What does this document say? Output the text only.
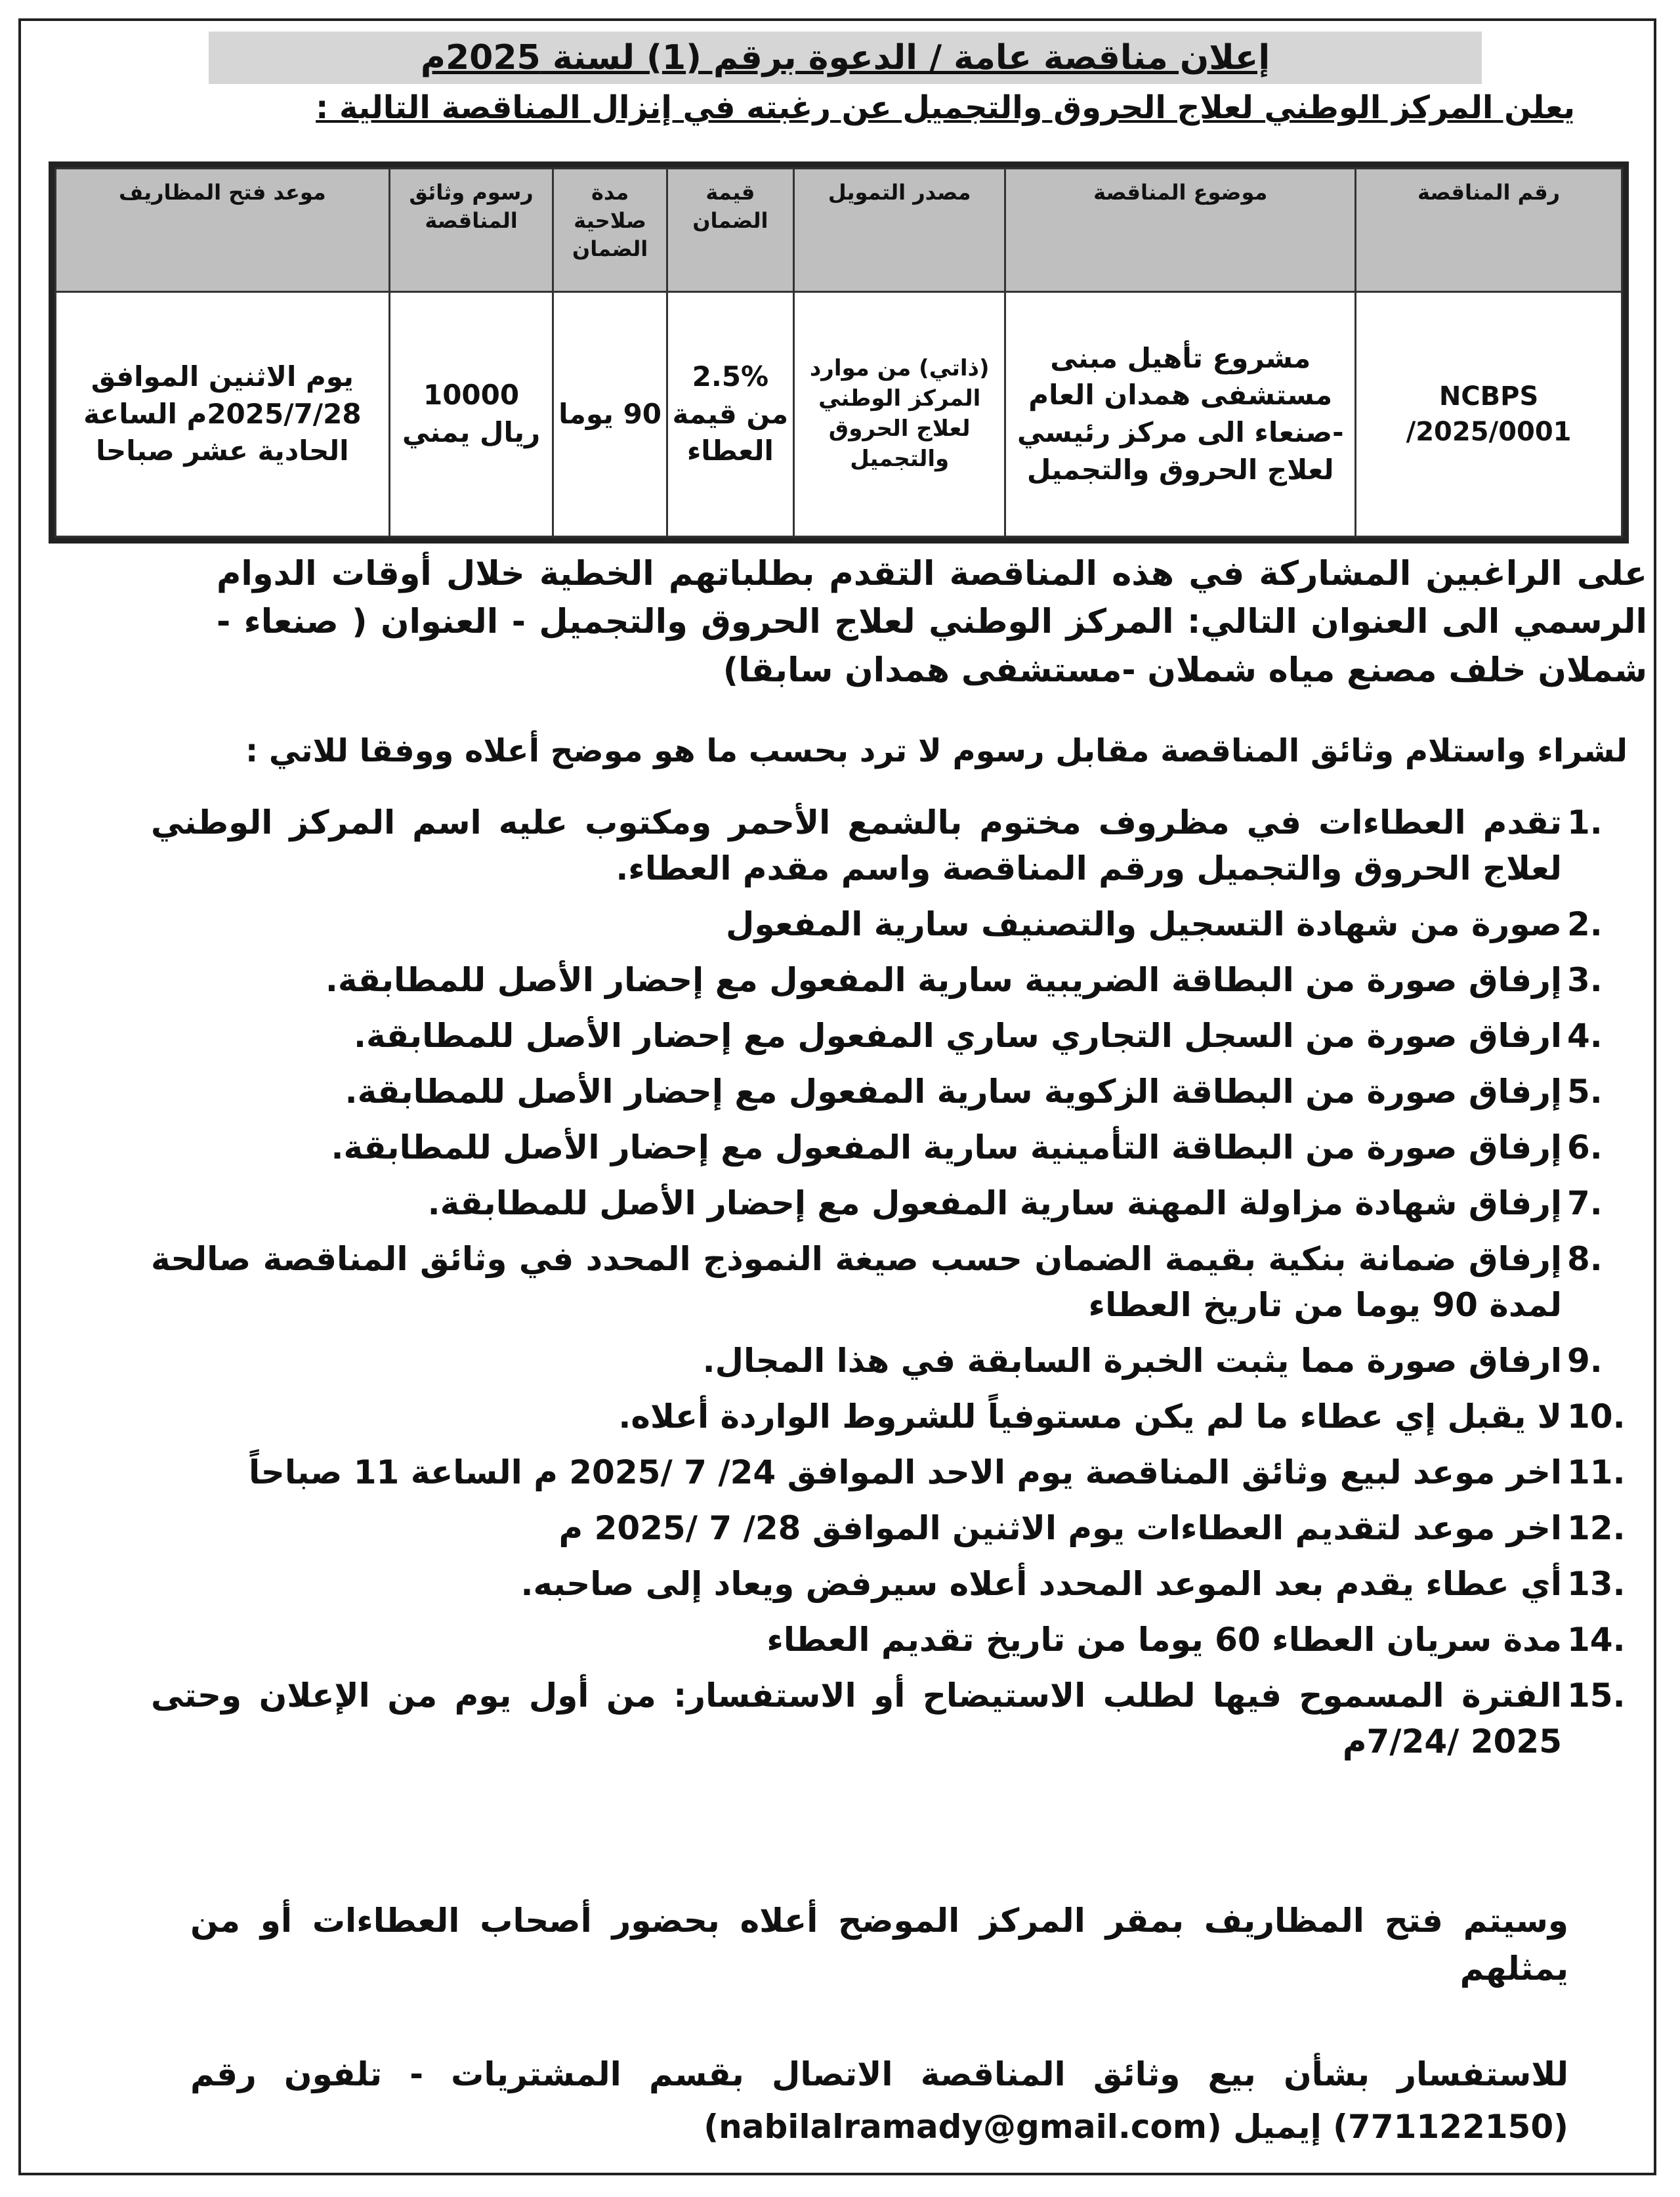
إعلان مناقصة عامة / الدعوة برقم (1) لسنة 2025م
يعلن المركز الوطني لعلاج الحروق والتجميل عن رغبته في إنزال المناقصة التالية :
رقم المناقصة	موضوع المناقصة	مصدر التمويل	قيمة الضمان	مدة صلاحية الضمان	رسوم وثائق المناقصة	موعد فتح المظاريف
NCBPS /2025/0001	مشروع تأهيل مبنى مستشفى همدان العام -صنعاء الى مركز رئيسي لعلاج الحروق والتجميل	(ذاتي) من موارد المركز الوطني لعلاج الحروق والتجميل	2.5% من قيمة العطاء	90 يوما	10000 ريال يمني	يوم الاثنين الموافق 2025/7/28م الساعة الحادية عشر صباحا
على الراغبين المشاركة في هذه المناقصة التقدم بطلباتهم الخطية خلال أوقات الدوام الرسمي الى العنوان التالي: المركز الوطني لعلاج الحروق والتجميل - العنوان ( صنعاء - شملان خلف مصنع مياه شملان -مستشفى همدان سابقا)
لشراء واستلام وثائق المناقصة مقابل رسوم لا ترد بحسب ما هو موضح أعلاه ووفقا للاتي :
1.
تقدم العطاءات في مظروف مختوم بالشمع الأحمر ومكتوب عليه اسم المركز الوطني لعلاج الحروق والتجميل ورقم المناقصة واسم مقدم العطاء.
2.
صورة من شهادة التسجيل والتصنيف سارية المفعول
3.
إرفاق صورة من البطاقة الضريبية سارية المفعول مع إحضار الأصل للمطابقة.
4.
ارفاق صورة من السجل التجاري ساري المفعول مع إحضار الأصل للمطابقة.
5.
إرفاق صورة من البطاقة الزكوية سارية المفعول مع إحضار الأصل للمطابقة.
6.
إرفاق صورة من البطاقة التأمينية سارية المفعول مع إحضار الأصل للمطابقة.
7.
إرفاق شهادة مزاولة المهنة سارية المفعول مع إحضار الأصل للمطابقة.
8.
إرفاق ضمانة بنكية بقيمة الضمان حسب صيغة النموذج المحدد في وثائق المناقصة صالحة لمدة 90 يوما من تاريخ العطاء
9.
ارفاق صورة مما يثبت الخبرة السابقة في هذا المجال.
10.
لا يقبل إي عطاء ما لم يكن مستوفياً للشروط الواردة أعلاه.
11.
اخر موعد لبيع وثائق المناقصة يوم الاحد الموافق 24/ 7 /2025 م الساعة 11 صباحاً
12.
اخر موعد لتقديم العطاءات يوم الاثنين الموافق 28/ 7 /2025 م
13.
أي عطاء يقدم بعد الموعد المحدد أعلاه سيرفض ويعاد إلى صاحبه.
14.
مدة سريان العطاء 60 يوما من تاريخ تقديم العطاء
15.
الفترة المسموح فيها لطلب الاستيضاح أو الاستفسار: من أول يوم من الإعلان وحتى 2025 /7/24م
وسيتم فتح المظاريف بمقر المركز الموضح أعلاه بحضور أصحاب العطاءات أو من يمثلهم
للاستفسار بشأن بيع وثائق المناقصة الاتصال بقسم المشتريات - تلفون رقم (771122150) إيميل (nabilalramady@gmail.com)
